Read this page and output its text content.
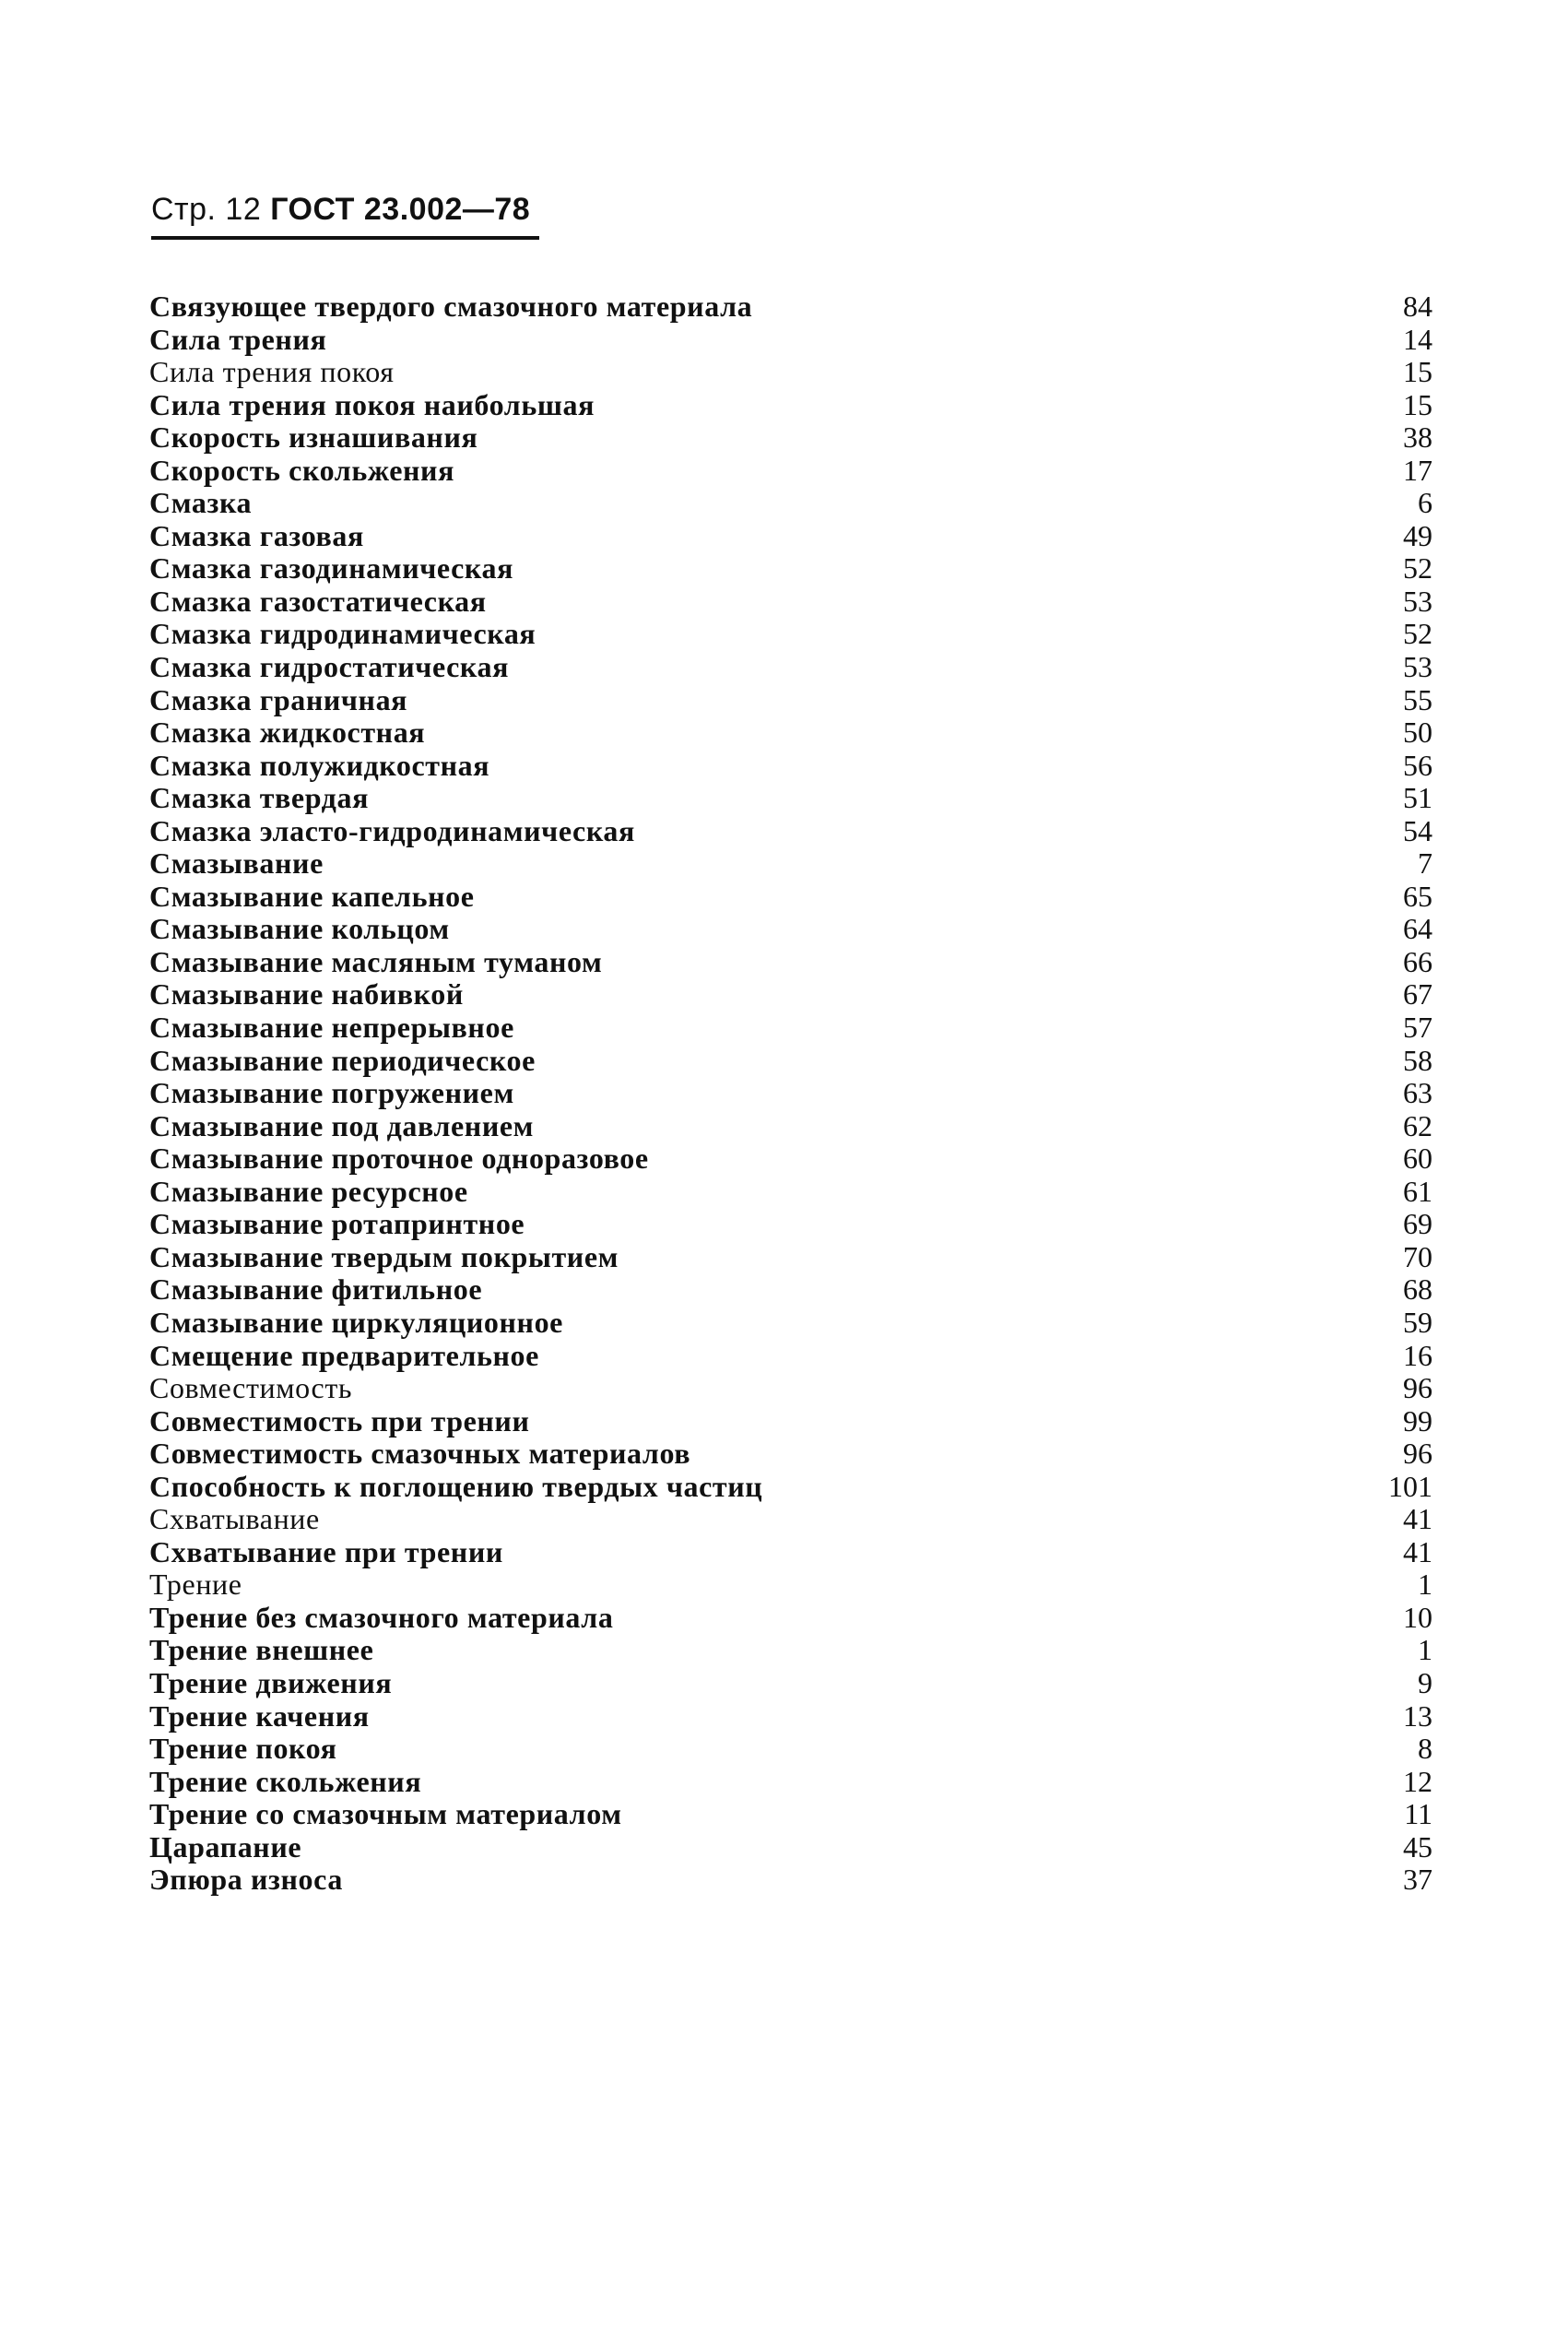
Стр. 12 ГОСТ 23.002—78
Связующее твердого смазочного материала	84
Сила трения	14
Сила трения покоя	15
Сила трения покоя наибольшая	15
Скорость изнашивания	38
Скорость скольжения	17
Смазка	6
Смазка газовая	49
Смазка газодинамическая	52
Смазка газостатическая	53
Смазка гидродинамическая	52
Смазка гидростатическая	53
Смазка граничная	55
Смазка жидкостная	50
Смазка полужидкостная	56
Смазка твердая	51
Смазка эласто-гидродинамическая	54
Смазывание	7
Смазывание капельное	65
Смазывание кольцом	64
Смазывание масляным туманом	66
Смазывание набивкой	67
Смазывание непрерывное	57
Смазывание периодическое	58
Смазывание погружением	63
Смазывание под давлением	62
Смазывание проточное одноразовое	60
Смазывание ресурсное	61
Смазывание ротапринтное	69
Смазывание твердым покрытием	70
Смазывание фитильное	68
Смазывание циркуляционное	59
Смещение предварительное	16
Совместимость	96
Совместимость при трении	99
Совместимость смазочных материалов	96
Способность к поглощению твердых частиц	101
Схватывание	41
Схватывание при трении	41
Трение	1
Трение без смазочного материала	10
Трение внешнее	1
Трение движения	9
Трение качения	13
Трение покоя	8
Трение скольжения	12
Трение со смазочным материалом	11
Царапание	45
Эпюра износа	37
